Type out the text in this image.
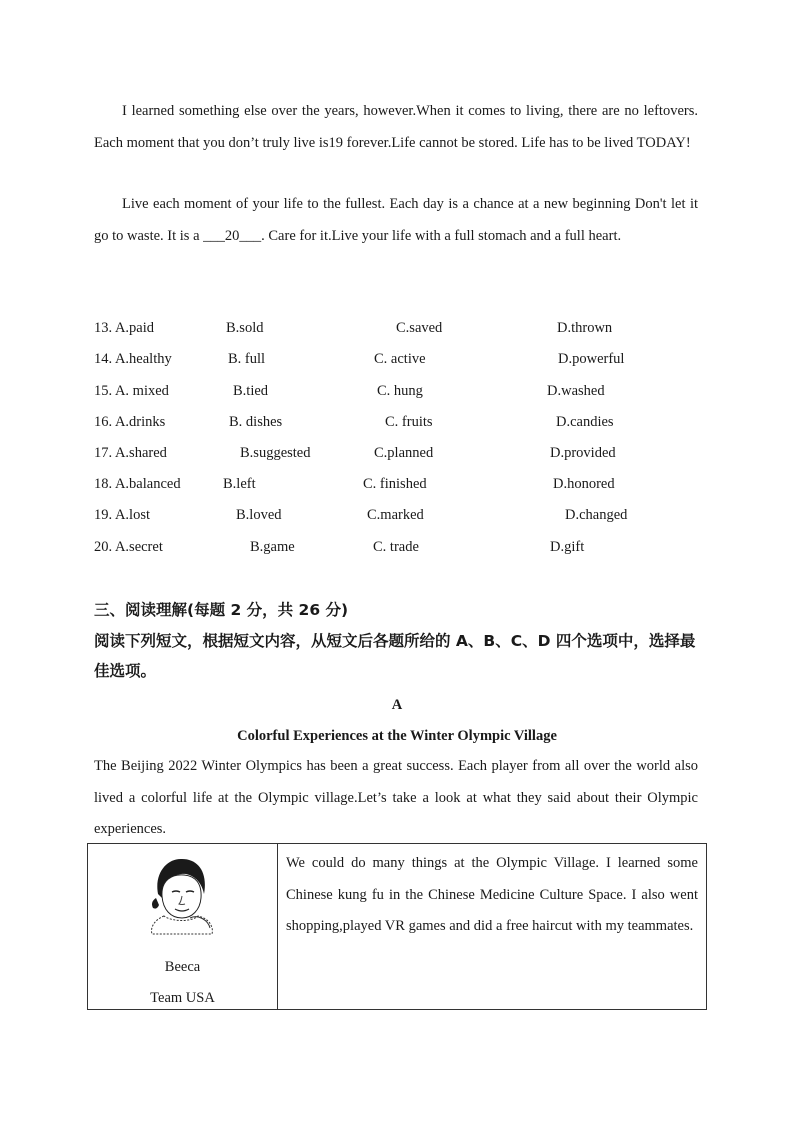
I learned something else over the years, however.When it comes to living, there are no leftovers. Each moment that you don’t truly live is19 forever.Life cannot be stored. Life has to be lived TODAY!

Live each moment of your life to the fullest. Each day is a chance at a new beginning Don't let it go to waste. It is a ___20___. Care for it.Live your life with a full stomach and a full heart.

13. A.paid	B.sold	C.saved	D.thrown
14. A.healthy	B. full	C. active	D.powerful
15. A. mixed	B.tied	C. hung	D.washed
16. A.drinks	B. dishes	C. fruits	D.candies
17. A.shared	B.suggested	C.planned	D.provided
18. A.balanced	B.left	C. finished	D.honored
19. A.lost	B.loved	C.marked	D.changed
20. A.secret	B.game	C. trade	D.gift

三、阅读理解(每题 2 分，共 26 分)

阅读下列短文，根据短文内容，从短文后各题所给的 A、B、C、D 四个选项中，选择最佳选项。

A
Colorful Experiences at the Winter Olympic Village

The Beijing 2022 Winter Olympics has been a great success. Each player from all over the world also lived a colorful life at the Olympic village.Let’s take a look at what they said about their Olympic experiences.

Beeca
Team USA
	We could do many things at the Olympic Village. I learned some Chinese kung fu in the Chinese Medicine Culture Space. I also went shopping,played VR games and did a free haircut with my teammates.
